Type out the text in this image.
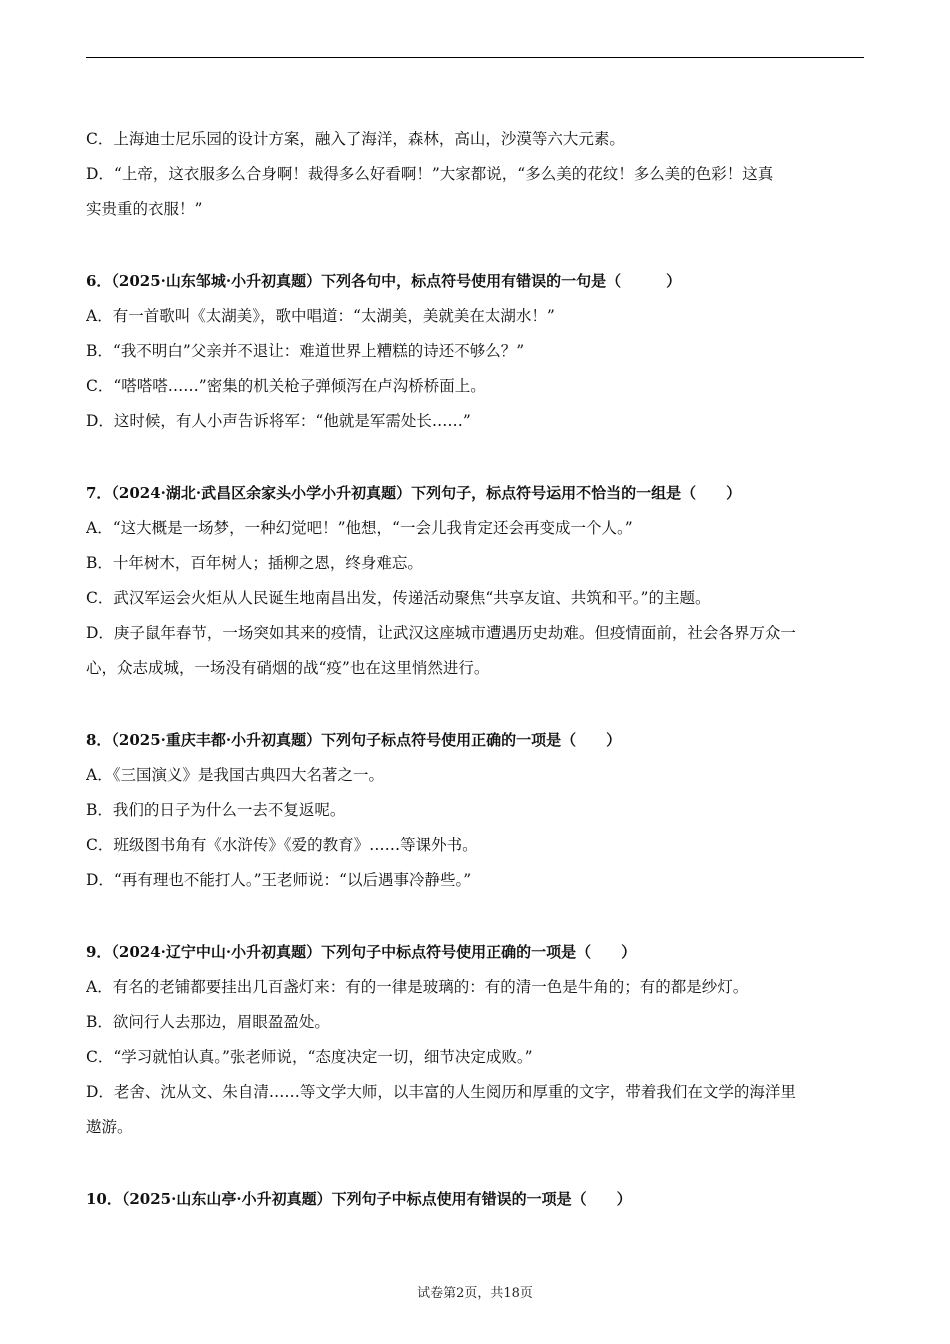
C．上海迪士尼乐园的设计方案，融入了海洋，森林，高山，沙漠等六大元素。
D．“上帝，这衣服多么合身啊！裁得多么好看啊！”大家都说，“多么美的花纹！多么美的色彩！这真
实贵重的衣服！”
6．（2025·山东邹城·小升初真题）下列各句中，标点符号使用有错误的一句是（　　　）
A．有一首歌叫《太湖美》，歌中唱道：“太湖美，美就美在太湖水！”
B．“我不明白”父亲并不退让：难道世界上糟糕的诗还不够么？”
C．“嗒嗒嗒……”密集的机关枪子弹倾泻在卢沟桥桥面上。
D．这时候，有人小声告诉将军：“他就是军需处长……”
7．（2024·湖北·武昌区余家头小学小升初真题）下列句子，标点符号运用不恰当的一组是（　　）
A．“这大概是一场梦，一种幻觉吧！”他想，“一会儿我肯定还会再变成一个人。”
B．十年树木，百年树人；插柳之恩，终身难忘。
C．武汉军运会火炬从人民诞生地南昌出发，传递活动聚焦“共享友谊、共筑和平。”的主题。
D．庚子鼠年春节，一场突如其来的疫情，让武汉这座城市遭遇历史劫难。但疫情面前，社会各界万众一
心，众志成城，一场没有硝烟的战“疫”也在这里悄然进行。
8．（2025·重庆丰都·小升初真题）下列句子标点符号使用正确的一项是（　　）
A．《三国演义》是我国古典四大名著之一。
B．我们的日子为什么一去不复返呢。
C．班级图书角有《水浒传》《爱的教育》……等课外书。
D．“再有理也不能打人。”王老师说：“以后遇事冷静些。”
9．（2024·辽宁中山·小升初真题）下列句子中标点符号使用正确的一项是（　　）
A．有名的老铺都要挂出几百盏灯来：有的一律是玻璃的：有的清一色是牛角的；有的都是纱灯。
B．欲问行人去那边，眉眼盈盈处。
C．“学习就怕认真。”张老师说，“态度决定一切，细节决定成败。”
D．老舍、沈从文、朱自清……等文学大师，以丰富的人生阅历和厚重的文字，带着我们在文学的海洋里
遨游。
10．（2025·山东山亭·小升初真题）下列句子中标点使用有错误的一项是（　　）
试卷第2页，共18页
